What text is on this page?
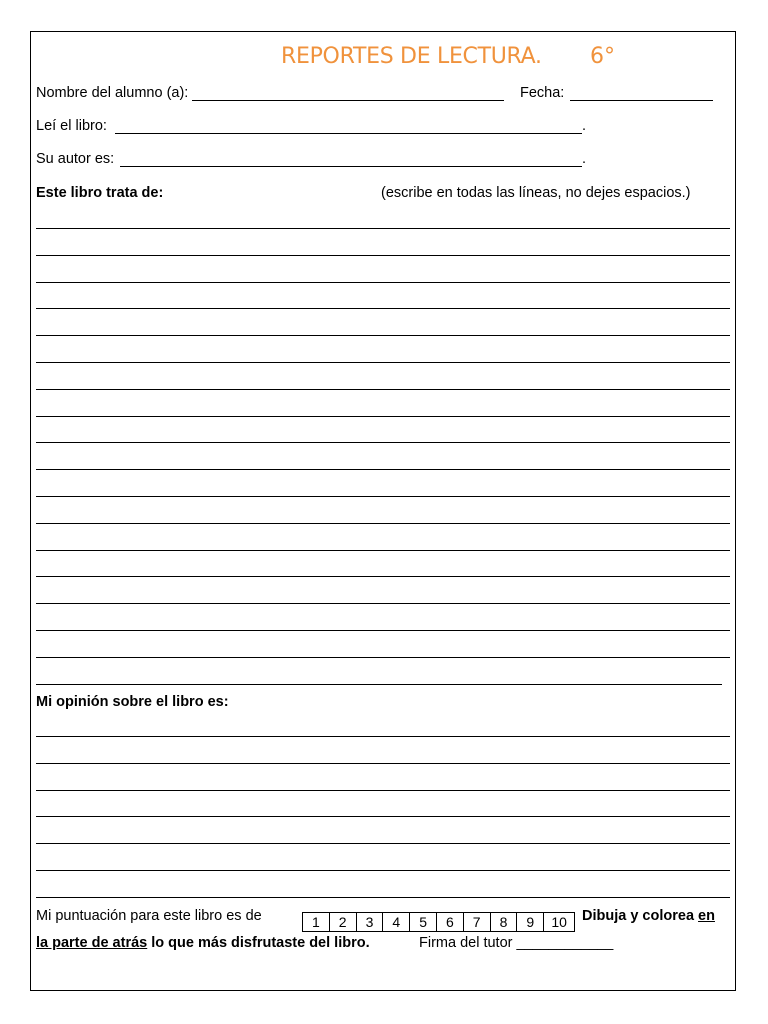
REPORTES DE LECTURA. 6°
Nombre del alumno (a):	Fecha:
Leí el libro:	.
Su autor es:	.
Este libro trata de:	(escribe en todas las líneas, no dejes espacios.)
Mi opinión sobre el libro es:
Mi puntuación para este libro es de	1	2	3	4	5	6	7	8	9	10	Dibuja y colorea en
la parte de atrás lo que más disfrutaste del libro.	Firma del tutor ____________
